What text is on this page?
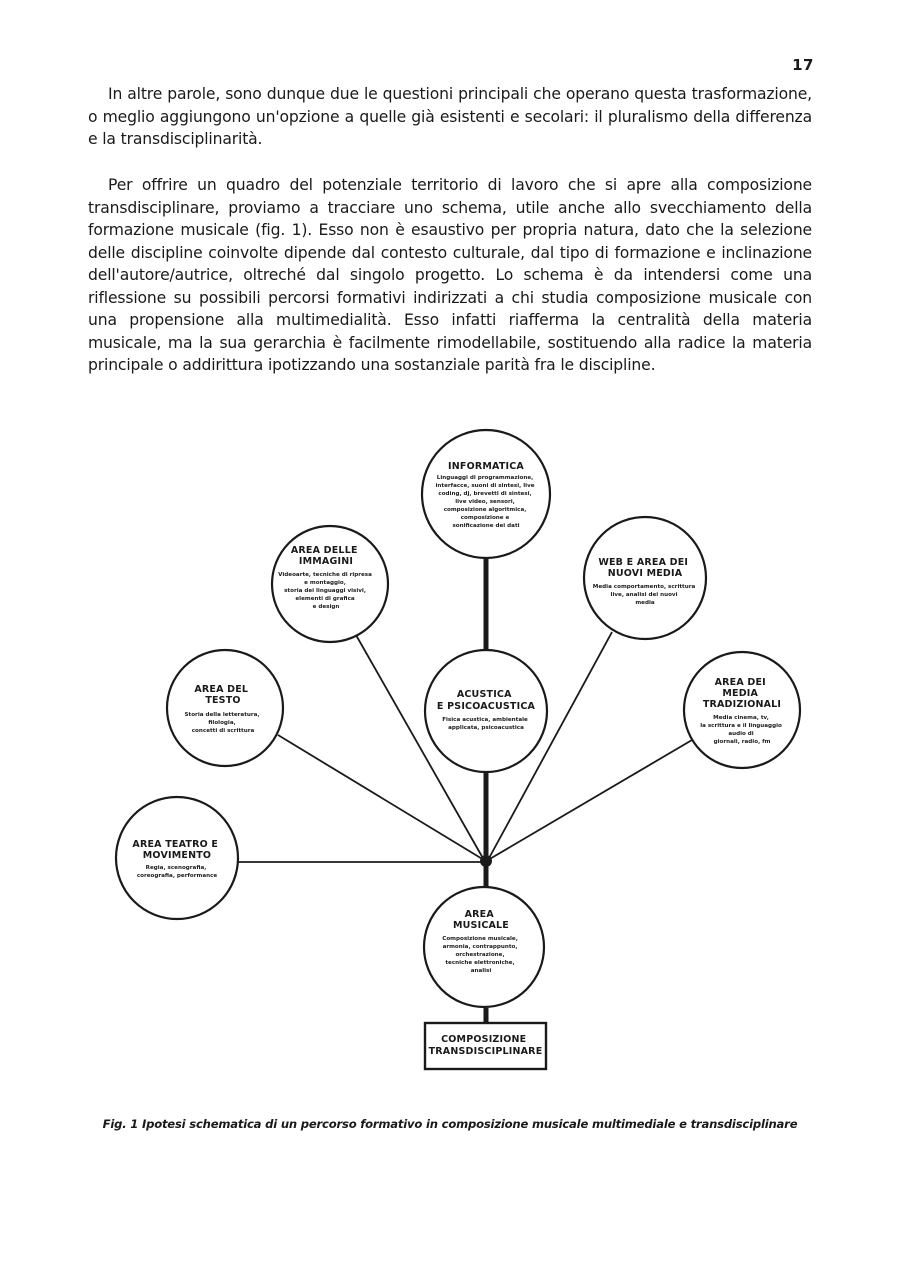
17

In altre parole, sono dunque due le questioni principali che operano questa trasformazione, o meglio aggiungono un'opzione a quelle già esistenti e secolari: il pluralismo della differenza e la transdisciplinarità.

Per offrire un quadro del potenziale territorio di lavoro che si apre alla composizione transdisciplinare, proviamo a tracciare uno schema, utile anche allo svecchiamento della formazione musicale (fig. 1). Esso non è esaustivo per propria natura, dato che la selezione delle discipline coinvolte dipende dal contesto culturale, dal tipo di formazione e inclinazione dell'autore/autrice, oltreché dal singolo progetto. Lo schema è da intendersi come una riflessione su possibili percorsi formativi indirizzati a chi studia composizione musicale con una propensione alla multimedialità. Esso infatti riafferma la centralità della materia musicale, ma la sua gerarchia è facilmente rimodellabile, sostituendo alla radice la materia principale o addirittura ipotizzando una sostanziale parità fra le discipline.

INFORMATICA
Linguaggi di programmazione, interfacce, suoni di sintesi, live coding, dj, brevetti di sintesi, live video, sensori, composizione algoritmica, composizione e sonificazione dei dati
AREA DELLE IMMAGINI
Videoarte, tecniche di ripresa e montaggio, storia dei linguaggi visivi, elementi di grafica e design
WEB E AREA DEI NUOVI MEDIA
Media comportamento, scrittura live, analisi dei nuovi media
AREA DEL TESTO
Storia della letteratura, filologia, concetti di scrittura
ACUSTICA E PSICOACUSTICA
Fisica acustica, ambientale applicata, psicoacustica
AREA DEI MEDIA TRADIZIONALI
Media cinema, tv, la scrittura e il linguaggio audio di giornali, radio, fm
AREA TEATRO E MOVIMENTO
Regia, scenografia, coreografia, performance
AREA MUSICALE
Composizione musicale, armonia, contrappunto, orchestrazione, tecniche elettroniche, analisi
COMPOSIZIONE TRANSDISCIPLINARE
Fig. 1 Ipotesi schematica di un percorso formativo in composizione musicale multimediale e transdisciplinare
